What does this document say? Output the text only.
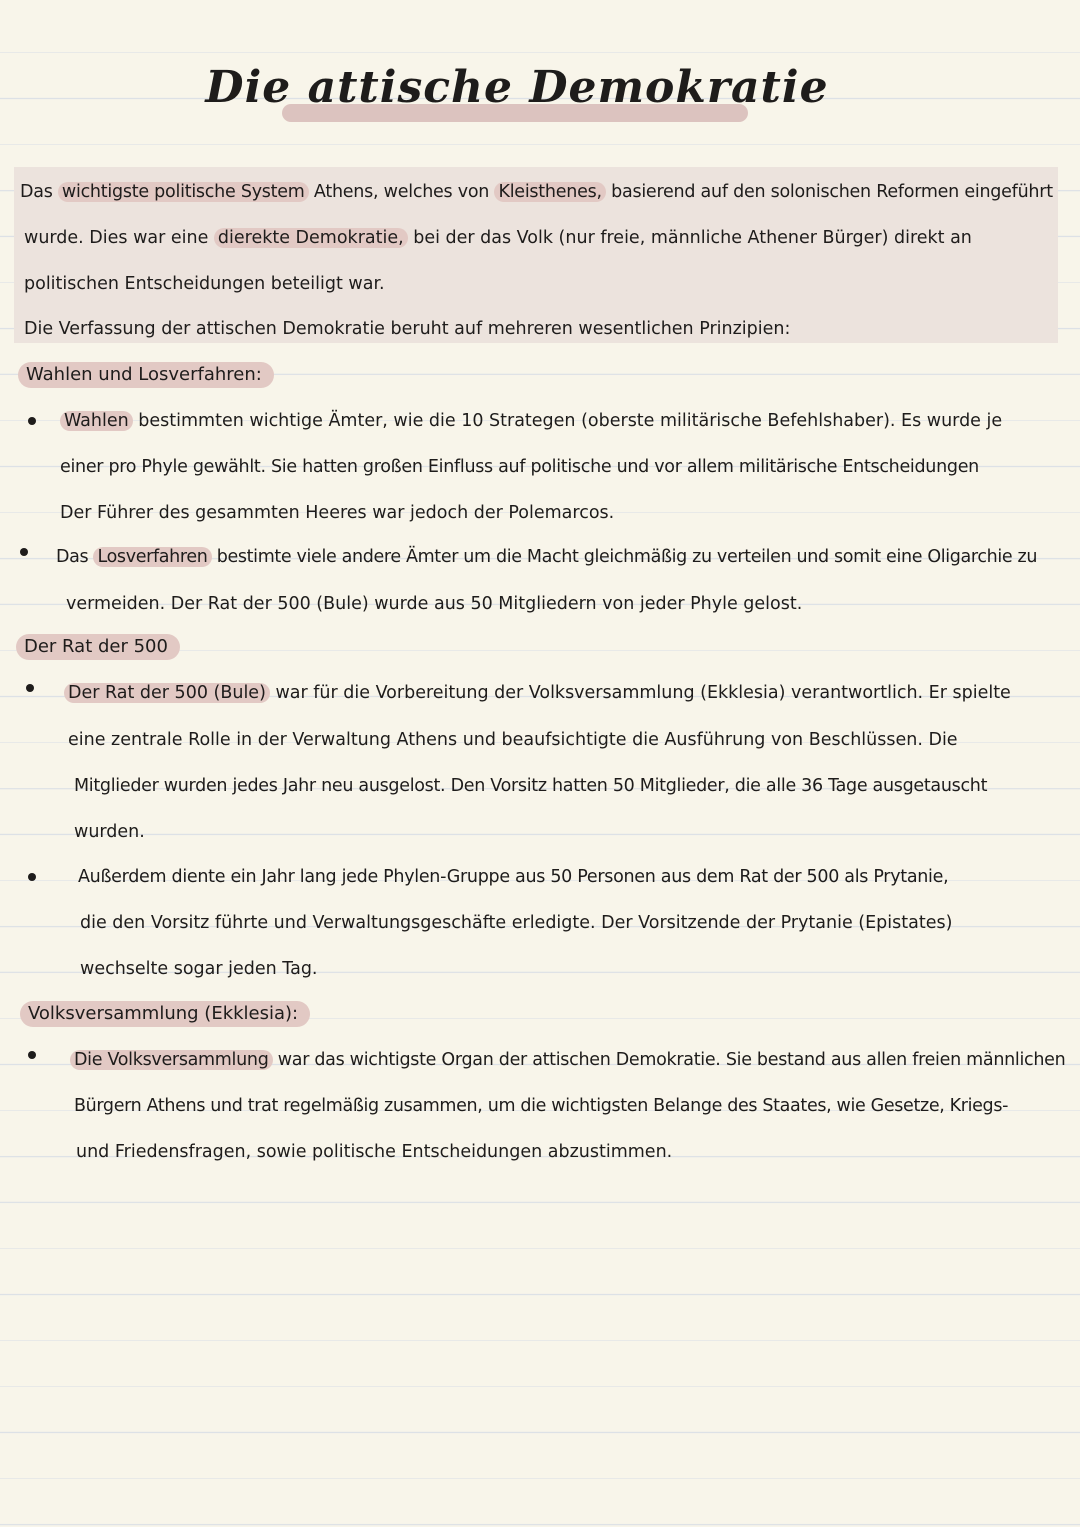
Die attische Demokratie
Das wichtigste politische System Athens, welches von Kleisthenes, basierend auf den solonischen Reformen eingeführt
wurde. Dies war eine dierekte Demokratie, bei der das Volk (nur freie, männliche Athener Bürger) direkt an
politischen Entscheidungen beteiligt war.
Die Verfassung der attischen Demokratie beruht auf mehreren wesentlichen Prinzipien:
Wahlen und Losverfahren:
Wahlen bestimmten wichtige Ämter, wie die 10 Strategen (oberste militärische Befehlshaber). Es wurde je
einer pro Phyle gewählt. Sie hatten großen Einfluss auf politische und vor allem militärische Entscheidungen
Der Führer des gesammten Heeres war jedoch der Polemarcos.
Das Losverfahren bestimte viele andere Ämter um die Macht gleichmäßig zu verteilen und somit eine Oligarchie zu
vermeiden. Der Rat der 500 (Bule) wurde aus 50 Mitgliedern von jeder Phyle gelost.
Der Rat der 500
Der Rat der 500 (Bule) war für die Vorbereitung der Volksversammlung (Ekklesia) verantwortlich. Er spielte
eine zentrale Rolle in der Verwaltung Athens und beaufsichtigte die Ausführung von Beschlüssen. Die
Mitglieder wurden jedes Jahr neu ausgelost. Den Vorsitz hatten 50 Mitglieder, die alle 36 Tage ausgetauscht
wurden.
Außerdem diente ein Jahr lang jede Phylen-Gruppe aus 50 Personen aus dem Rat der 500 als Prytanie,
die den Vorsitz führte und Verwaltungsgeschäfte erledigte. Der Vorsitzende der Prytanie (Epistates)
wechselte sogar jeden Tag.
Volksversammlung (Ekklesia):
Die Volksversammlung war das wichtigste Organ der attischen Demokratie. Sie bestand aus allen freien männlichen
Bürgern Athens und trat regelmäßig zusammen, um die wichtigsten Belange des Staates, wie Gesetze, Kriegs-
und Friedensfragen, sowie politische Entscheidungen abzustimmen.
